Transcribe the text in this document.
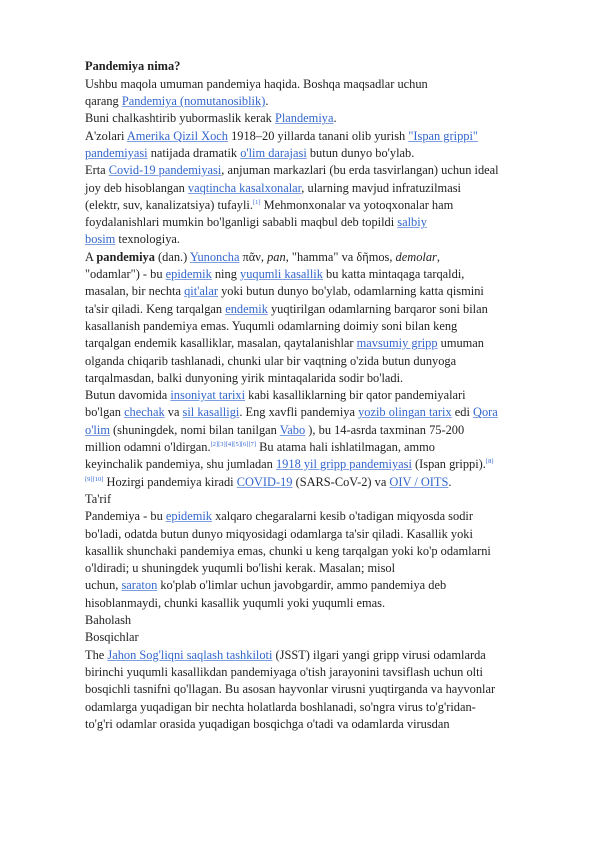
Pandemiya nima?
Ushbu maqola umuman pandemiya haqida. Boshqa maqsadlar uchun
qarang Pandemiya (nomutanosiblik).
Buni chalkashtirib yubormaslik kerak Plandemiya.
A'zolari Amerika Qizil Xoch 1918–20 yillarda tanani olib yurish "Ispan grippi"
pandemiyasi natijada dramatik o'lim darajasi butun dunyo bo'ylab.
Erta Covid-19 pandemiyasi, anjuman markazlari (bu erda tasvirlangan) uchun ideal
joy deb hisoblangan vaqtincha kasalxonalar, ularning mavjud infratuzilmasi
(elektr, suv, kanalizatsiya) tufayli.[1] Mehmonxonalar va yotoqxonalar ham
foydalanishlari mumkin bo'lganligi sababli maqbul deb topildi salbiy
bosim texnologiya.
A pandemiya (dan.) Yunoncha πᾶν, pan, "hamma" va δῆmos, demolar,
"odamlar") - bu epidemik ning yuqumli kasallik bu katta mintaqaga tarqaldi,
masalan, bir nechta qit'alar yoki butun dunyo bo'ylab, odamlarning katta qismini
ta'sir qiladi. Keng tarqalgan endemik yuqtirilgan odamlarning barqaror soni bilan
kasallanish pandemiya emas. Yuqumli odamlarning doimiy soni bilan keng
tarqalgan endemik kasalliklar, masalan, qaytalanishlar mavsumiy gripp umuman
olganda chiqarib tashlanadi, chunki ular bir vaqtning o'zida butun dunyoga
tarqalmasdan, balki dunyoning yirik mintaqalarida sodir bo'ladi.
Butun davomida insoniyat tarixi kabi kasalliklarning bir qator pandemiyalari
bo'lgan chechak va sil kasalligi. Eng xavfli pandemiya yozib olingan tarix edi Qora
o'lim (shuningdek, nomi bilan tanilgan Vabo ), bu 14-asrda taxminan 75-200
million odamni o'ldirgan.[2][3][4][5][6][7] Bu atama hali ishlatilmagan, ammo
keyinchalik pandemiya, shu jumladan 1918 yil gripp pandemiyasi (Ispan grippi).[8]
[9][10] Hozirgi pandemiya kiradi COVID-19 (SARS-CoV-2) va OIV / OITS.
Ta'rif
Pandemiya - bu epidemik xalqaro chegaralarni kesib o'tadigan miqyosda sodir
bo'ladi, odatda butun dunyo miqyosidagi odamlarga ta'sir qiladi. Kasallik yoki
kasallik shunchaki pandemiya emas, chunki u keng tarqalgan yoki ko'p odamlarni
o'ldiradi; u shuningdek yuqumli bo'lishi kerak. Masalan; misol
uchun, saraton ko'plab o'limlar uchun javobgardir, ammo pandemiya deb
hisoblanmaydi, chunki kasallik yuqumli yoki yuqumli emas.
Baholash
Bosqichlar
The Jahon Sog'liqni saqlash tashkiloti (JSST) ilgari yangi gripp virusi odamlarda
birinchi yuqumli kasallikdan pandemiyaga o'tish jarayonini tavsiflash uchun olti
bosqichli tasnifni qo'llagan. Bu asosan hayvonlar virusni yuqtirganda va hayvonlar
odamlarga yuqadigan bir nechta holatlarda boshlanadi, so'ngra virus to'g'ridan-
to'g'ri odamlar orasida yuqadigan bosqichga o'tadi va odamlarda virusdan
